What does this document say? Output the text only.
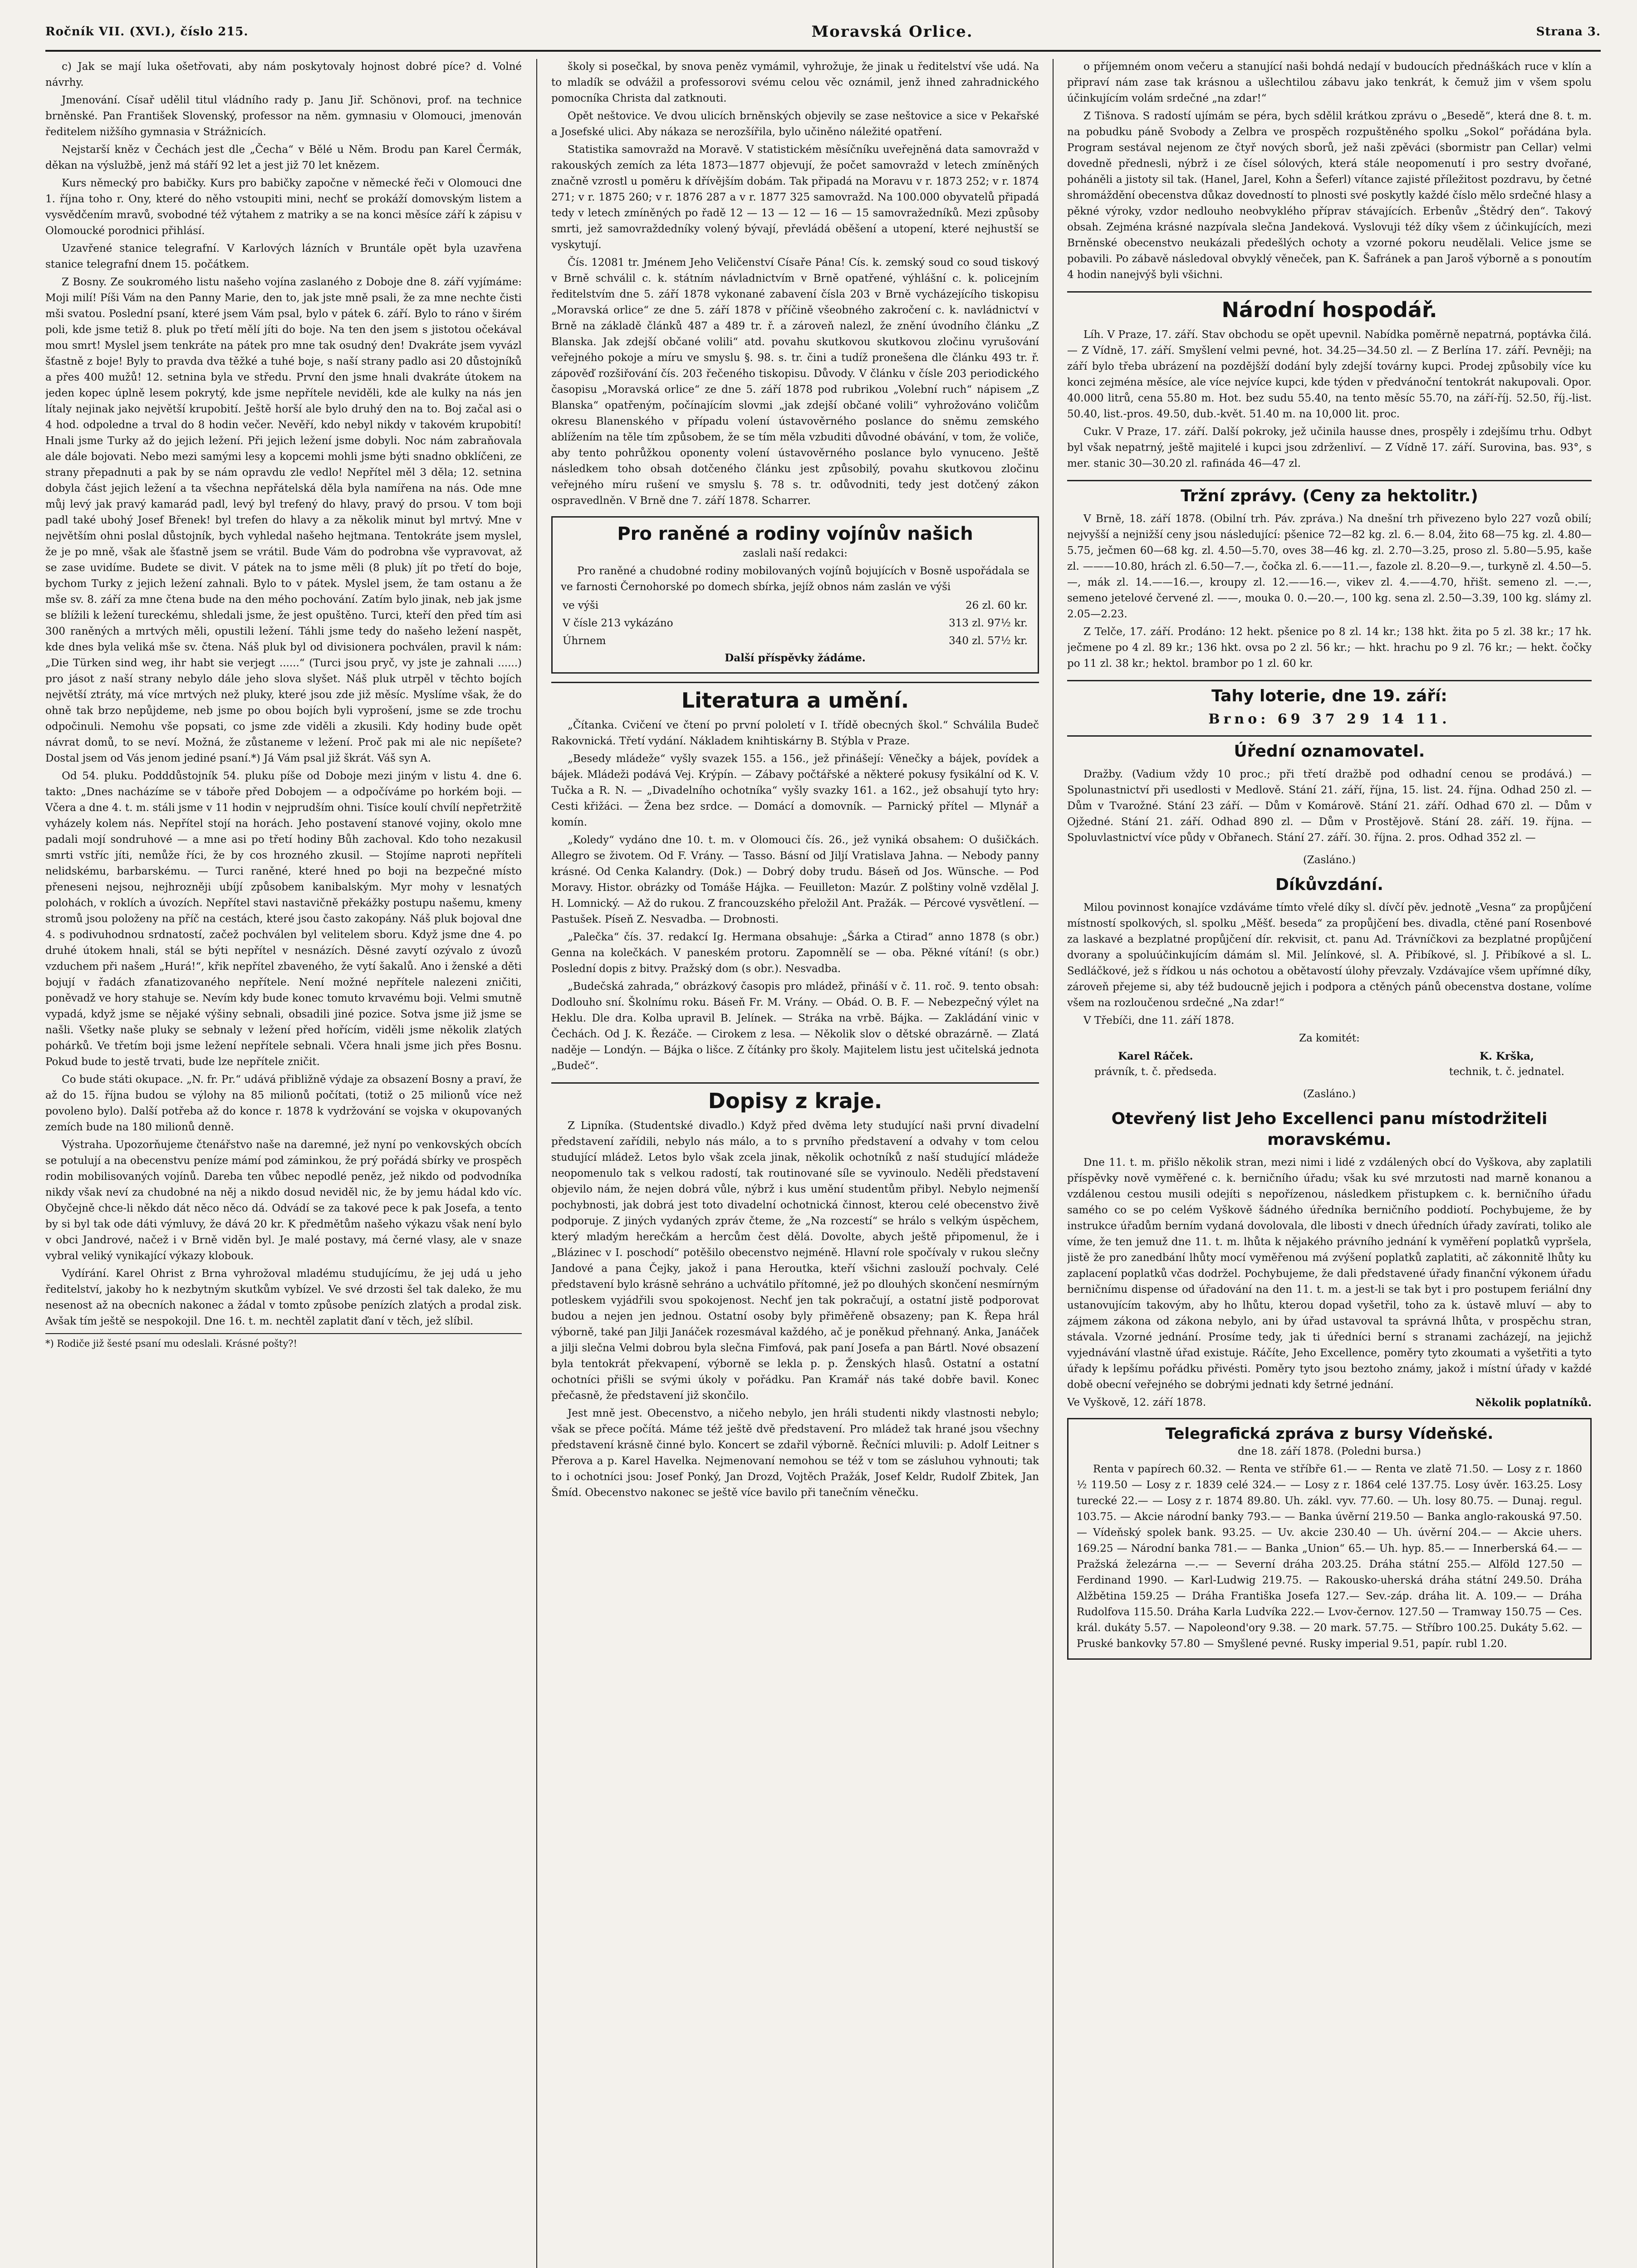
Ročník VII. (XVI.), číslo 215.	Moravská Orlice.	Strana 3.

c) Jak se mají luka ošetřovati, aby nám poskytovaly hojnost dobré píce? d. Volné návrhy.

Jmenování. Císař udělil titul vládního rady p. Janu Jiř. Schönovi, prof. na technice brněnské. Pan František Slovenský, professor na něm. gymnasiu v Olomouci, jmenován ředitelem nižšího gymnasia v Strážnicích.

Nejstarší kněz v Čechách jest dle „Čecha“ v Bělé u Něm. Brodu pan Karel Čermák, děkan na výslužbě, jenž má stáří 92 let a jest již 70 let knězem.

Kurs německý pro babičky. Kurs pro babičky započne v německé řeči v Olomouci dne 1. října toho r. Ony, které do něho vstoupiti mini, nechť se prokáží domovským listem a vysvědčením mravů, svobodné též výtahem z matriky a se na konci měsíce září k zápisu v Olomoucké porodnici přihlásí.

Uzavřené stanice telegrafní. V Karlových lázních v Bruntále opět byla uzavřena stanice telegrafní dnem 15. počátkem.

Z Bosny. Ze soukromého listu našeho vojína zaslaného z Doboje dne 8. září vyjímáme: Moji milí! Píši Vám na den Panny Marie, den to, jak jste mně psali, že za mne nechte čisti mši svatou. Poslední psaní, které jsem Vám psal, bylo v pátek 6. září. Bylo to ráno v širém poli, kde jsme tetiž 8. pluk po třetí mělí jíti do boje. Na ten den jsem s jistotou očekával mou smrt! Myslel jsem tenkráte na pátek pro mne tak osudný den! Dvakráte jsem vyvázl šťastně z boje! Byly to pravda dva těžké a tuhé boje, s naší strany padlo asi 20 důstojníků a přes 400 mužů! 12. setnina byla ve středu. První den jsme hnali dvakráte útokem na jeden kopec úplně lesem pokrytý, kde jsme nepřítele neviděli, kde ale kulky na nás jen lítaly nejinak jako největší krupobití. Ještě horší ale bylo druhý den na to. Boj začal asi o 4 hod. odpoledne a trval do 8 hodin večer. Nevěří, kdo nebyl nikdy v takovém krupobití! Hnali jsme Turky až do jejich ležení. Při jejich ležení jsme dobyli. Noc nám zabraňovala ale dále bojovati. Nebo mezi samými lesy a kopcemi mohli jsme býti snadno obklíčeni, ze strany přepadnuti a pak by se nám opravdu zle vedlo! Nepřítel měl 3 děla; 12. setnina dobyla část jejich ležení a ta všechna nepřátelská děla byla namířena na nás. Ode mne můj levý jak pravý kamarád padl, levý byl trefený do hlavy, pravý do prsou. V tom boji padl také ubohý Josef Břenek! byl trefen do hlavy a za několik minut byl mrtvý. Mne v největším ohni poslal důstojník, bych vyhledal našeho hejtmana. Tentokráte jsem myslel, že je po mně, však ale šťastně jsem se vrátil. Bude Vám do podrobna vše vypravovat, až se zase uvidíme. Budete se divit. V pátek na to jsme měli (8 pluk) jít po třetí do boje, bychom Turky z jejich ležení zahnali. Bylo to v pátek. Myslel jsem, že tam ostanu a že mše sv. 8. září za mne čtena bude na den mého pochování. Zatím bylo jinak, neb jak jsme se blížili k ležení tureckému, shledali jsme, že jest opuštěno. Turci, kteří den před tím asi 300 raněných a mrtvých měli, opustili ležení. Táhli jsme tedy do našeho ležení naspět, kde dnes byla veliká mše sv. čtena. Náš pluk byl od divisionera pochválen, pravil k nám: „Die Türken sind weg, ihr habt sie verjegt ......“ (Turci jsou pryč, vy jste je zahnali ......) pro jásot z naší strany nebylo dále jeho slova slyšet. Náš pluk utrpěl v těchto bojích největší ztráty, má více mrtvých než pluky, které jsou zde již měsíc. Myslíme však, že do ohně tak brzo nepůjdeme, neb jsme po obou bojích byli vyprošení, jsme se zde trochu odpočinuli. Nemohu vše popsati, co jsme zde viděli a zkusili. Kdy hodiny bude opět návrat domů, to se neví. Možná, že zůstaneme v ležení. Proč pak mi ale nic nepíšete? Dostal jsem od Vás jenom jediné psaní.*) Já Vám psal již škrát. Váš syn A.

Od 54. pluku. Podddůstojník 54. pluku píše od Doboje mezi jiným v listu 4. dne 6. takto: „Dnes nacházíme se v táboře před Dobojem — a odpočíváme po horkém boji. — Včera a dne 4. t. m. stáli jsme v 11 hodin v nejprudším ohni. Tisíce koulí chvílí nepřetržitě vyházely kolem nás. Nepřítel stojí na horách. Jeho postavení stanové vojiny, okolo mne padali mojí sondruhové — a mne asi po třetí hodiny Bůh zachoval. Kdo toho nezakusil smrti vstříc jíti, nemůže říci, že by cos hrozného zkusil. — Stojíme naproti nepříteli nelidskému, barbarskému. — Turci raněné, které hned po boji na bezpečné místo přeneseni nejsou, nejhrozněji ubíjí způsobem kanibalským. Myr mohy v lesnatých polohách, v roklích a úvozích. Nepřítel stavi nastavičně překážky postupu našemu, kmeny stromů jsou položeny na příč na cestách, které jsou často zakopány. Náš pluk bojoval dne 4. s podivuhodnou srdnatostí, začež pochválen byl velitelem sboru. Když jsme dne 4. po druhé útokem hnali, stál se býti nepřítel v nesnázích. Děsné zavytí ozývalo z úvozů vzduchem při našem „Hurá!“, křik nepřítel zbaveného, že vytí šakalů. Ano i ženské a děti bojují v řadách zfanatizovaného nepřítele. Není možné nepřítele nalezeni zničiti, poněvadž ve hory stahuje se. Nevím kdy bude konec tomuto krvavému boji. Velmi smutně vypadá, když jsme se nějaké výšiny sebnali, obsadili jiné pozice. Sotva jsme již jsme se našli. Všetky naše pluky se sebnaly v ležení před hořícím, viděli jsme několik zlatých pohárků. Ve třetím boji jsme ležení nepřítele sebnali. Včera hnali jsme jich přes Bosnu. Pokud bude to jestě trvati, bude lze nepřítele zničit.

Co bude státi okupace. „N. fr. Pr.“ udává přibližně výdaje za obsazení Bosny a praví, že až do 15. října budou se výlohy na 85 milionů počítati, (totiž o 25 milionů více než povoleno bylo). Další potřeba až do konce r. 1878 k vydržování se vojska v okupovaných zemích bude na 180 milionů denně.

Výstraha. Upozorňujeme čtenářstvo naše na daremné, jež nyní po venkovských obcích se potulují a na obecenstvu peníze mámí pod záminkou, že prý pořádá sbírky ve prospěch rodin mobilisovaných vojínů. Dareba ten vůbec nepodlé peněz, jež nikdo od podvodníka nikdy však neví za chudobné na něj a nikdo dosud neviděl nic, že by jemu hádal kdo víc. Obyčejně chce-li někdo dát něco něco dá. Odvádí se za takové pece k pak Josefa, a tento by si byl tak ode dáti výmluvy, že dává 20 kr. K předmětům našeho výkazu však není bylo v obci Jandrové, načež i v Brně viděn byl. Je malé postavy, má černé vlasy, ale v snaze vybral veliký vynikající výkazy klobouk.

Vydírání. Karel Ohrist z Brna vyhrožoval mladému studujícímu, že jej udá u jeho ředitelství, jakoby ho k nezbytným skutkům vybízel. Ve své drzosti šel tak daleko, že mu nesenost až na obecních nakonec a žádal v tomto způsobe penízích zlatých a prodal zisk. Avšak tím ještě se nespokojil. Dne 16. t. m. nechtěl zaplatit ďaní v těch, jež slíbil.

*) Rodiče již šesté psaní mu odeslali. Krásné pošty?!

školy si posečkal, by snova peněz vymámil, vyhrožuje, že jinak u ředitelství vše udá. Na to mladík se odvážil a professorovi svému celou věc oznámil, jenž ihned zahradnického pomocníka Christa dal zatknouti.

Opět neštovice. Ve dvou ulicích brněnských objevily se zase neštovice a sice v Pekařské a Josefské ulici. Aby nákaza se nerozšířila, bylo učiněno náležité opatření.

Statistika samovražd na Moravě. V statistickém měsíčníku uveřejněná data samovražd v rakouských zemích za léta 1873—1877 objevují, že počet samovražd v letech zmíněných značně vzrostl u poměru k dřívějším dobám. Tak připadá na Moravu v r. 1873 252; v r. 1874 271; v r. 1875 260; v r. 1876 287 a v r. 1877 325 samovražd. Na 100.000 obyvatelů připadá tedy v letech zmíněných po řadě 12 — 13 — 12 — 16 — 15 samovražedníků. Mezi způsoby smrti, jež samovraždedníky volený bývají, převládá oběšení a utopení, které nejhustší se vyskytují.

Čís. 12081 tr. Jménem Jeho Veličenství Císaře Pána! Cís. k. zemský soud co soud tiskový v Brně schválil c. k. státním návladnictvím v Brně opatřené, výhlášní c. k. policejním ředitelstvím dne 5. září 1878 vykonané zabavení čísla 203 v Brně vycházejícího tiskopisu „Moravská orlice“ ze dne 5. září 1878 v příčině všeobného zakročení c. k. navládnictví v Brně na základě článků 487 a 489 tr. ř. a zároveň nalezl, že znění úvodního článku „Z Blanska. Jak zdejší občané volili“ atd. povahu skutkovou skutkovou zločinu vyrušování veřejného pokoje a míru ve smyslu §. 98. s. tr. čini a tudíž pronešena dle článku 493 tr. ř. zápověď rozšiřování čís. 203 řečeného tiskopisu. Důvody. V článku v čísle 203 periodického časopisu „Moravská orlice“ ze dne 5. září 1878 pod rubrikou „Volební ruch“ nápisem „Z Blanska“ opatřeným, počínajícím slovmi „jak zdejší občané volili“ vyhrožováno voličům okresu Blanenského v případu volení ústavověrného poslance do sněmu zemského ablížením na těle tím způsobem, že se tím měla vzbuditi důvodné obávání, v tom, že voliče, aby tento pohrůžkou oponenty volení ústavověrného poslance bylo vynuceno. Ještě následkem toho obsah dotčeného článku jest způsobilý, povahu skutkovou zločinu veřejného míru rušení ve smyslu §. 78 s. tr. odůvodniti, tedy jest dotčený zákon ospravedlněn. V Brně dne 7. září 1878. Scharrer.

Pro raněné a rodiny vojínův našich

zaslali naší redakci:

Pro raněné a chudobné rodiny mobilovaných vojínů bojujících v Bosně uspořádala se ve farnosti Černohorské po domech sbírka, jejíž obnos nám zaslán ve výši

ve výši	26 zl. 60 kr.
V čísle 213 vykázáno	313 zl. 97½ kr.
Úhrnem	340 zl. 57½ kr.

Další příspěvky žádáme.

Literatura a umění.

„Čítanka. Cvičení ve čtení po první pololetí v I. třídě obecných škol.“ Schválila Budeč Rakovnická. Třetí vydání. Nákladem knihtiskárny B. Stýbla v Praze.

„Besedy mládeže“ vyšly svazek 155. a 156., jež přinášejí: Věnečky a bájek, povídek a bájek. Mládeži podává Vej. Krýpín. — Zábavy počtářské a některé pokusy fysikální od K. V. Tučka a R. N. — „Divadelního ochotníka“ vyšly svazky 161. a 162., jež obsahují tyto hry: Cesti křižáci. — Žena bez srdce. — Domácí a domovník. — Parnický přítel — Mlynář a komín.

„Koledy“ vydáno dne 10. t. m. v Olomouci čís. 26., jež vyniká obsahem: O dušičkách. Allegro se životem. Od F. Vrány. — Tasso. Básní od Jiljí Vratislava Jahna. — Nebody panny krásné. Od Cenka Kalandry. (Dok.) — Dobrý doby trudu. Báseň od Jos. Wünsche. — Pod Moravy. Histor. obrázky od Tomáše Hájka. — Feuilleton: Mazúr. Z polštiny volně vzdělal J. H. Lomnický. — Až do rukou. Z francouzského přeložil Ant. Pražák. — Pércové vysvětlení. — Pastušek. Píseň Z. Nesvadba. — Drobnosti.

„Palečka“ čís. 37. redakcí Ig. Hermana obsahuje: „Šárka a Ctirad“ anno 1878 (s obr.) Genna na kolečkách. V paneském protoru. Zapomnělí se — oba. Pěkné vítání! (s obr.) Poslední dopis z bitvy. Pražský dom (s obr.). Nesvadba.

„Budečská zahrada,“ obrázkový časopis pro mládež, přináší v č. 11. roč. 9. tento obsah: Dodlouho sní. Školnímu roku. Báseň Fr. M. Vrány. — Obád. O. B. F. — Nebezpečný výlet na Heklu. Dle dra. Kolba upravil B. Jelínek. — Stráka na vrbě. Bájka. — Zakládání vinic v Čechách. Od J. K. Řezáče. — Cirokem z lesa. — Několik slov o dětské obrazárně. — Zlatá naděje — Londýn. — Bájka o lišce. Z čítánky pro školy. Majitelem listu jest učitelská jednota „Budeč“.

Dopisy z kraje.

Z Lipníka. (Studentské divadlo.) Když před dvěma lety studující naši první divadelní představení zařídili, nebylo nás málo, a to s prvního představení a odvahy v tom celou studující mládež. Letos bylo však zcela jinak, několik ochotníků z naší studující mládeže neopomenulo tak s velkou radostí, tak routinované síle se vyvinoulo. Neděli představení objevilo nám, že nejen dobrá vůle, nýbrž i kus umění studentům přibyl. Nebylo nejmenší pochybnosti, jak dobrá jest toto divadelní ochotnická činnost, kterou celé obecenstvo živě podporuje. Z jiných vydaných zpráv čteme, že „Na rozcestí“ se hrálo s velkým úspěchem, který mladým herečkám a hercům čest dělá. Dovolte, abych ještě připomenul, že i „Blázinec v I. poschodí“ potěšilo obecenstvo nejméně. Hlavní role spočívaly v rukou slečny Jandové a pana Čejky, jakož i pana Heroutka, kteří všichni zaslouží pochvaly. Celé představení bylo krásně sehráno a uchvátilo přítomné, jež po dlouhých skončení nesmírným potleskem vyjádřili svou spokojenost. Nechť jen tak pokračují, a ostatní jistě podporovat budou a nejen jen jednou. Ostatní osoby byly přiměřeně obsazeny; pan K. Řepa hrál výborně, také pan Jilji Janáček rozesmával každého, ač je poněkud přehnaný. Anka, Janáček a jilji slečna Velmi dobrou byla slečna Fimfová, pak paní Josefa a pan Bártl. Nové obsazení byla tentokrát překvapení, výborně se lekla p. p. Ženských hlasů. Ostatní a ostatní ochotníci přišli se svými úkoly v pořádku. Pan Kramář nás také dobře bavil. Konec přečasně, že představení již skončilo.

Jest mně jest. Obecenstvo, a ničeho nebylo, jen hráli studenti nikdy vlastnosti nebylo; však se přece počítá. Máme též ještě dvě představení. Pro mládež tak hrané jsou všechny představení krásně činné bylo. Koncert se zdařil výborně. Řečníci mluvili: p. Adolf Leitner s Přerova a p. Karel Havelka. Nejmenovaní nemohou se též v tom se zásluhou vyhnouti; tak to i ochotníci jsou: Josef Ponký, Jan Drozd, Vojtěch Pražák, Josef Keldr, Rudolf Zbitek, Jan Šmíd. Obecenstvo nakonec se ještě více bavilo při tanečním věnečku.

o příjemném onom večeru a stanující naši bohdá nedají v budoucích přednáškách ruce v klín a připraví nám zase tak krásnou a ušlechtilou zábavu jako tenkrát, k čemuž jim v všem spolu účinkujícím volám srdečné „na zdar!“

Z Tišnova. S radostí ujímám se péra, bych sdělil krátkou zprávu o „Besedě“, která dne 8. t. m. na pobudku páně Svobody a Zelbra ve prospěch rozpuštěného spolku „Sokol“ pořádána byla. Program sestával nejenom ze čtyř nových sborů, jež naši zpěváci (sbormistr pan Cellar) velmi dovedně přednesli, nýbrž i ze čísel sólových, která stále neopomenutí i pro sestry dvořané, poháněli a jistoty sil tak. (Hanel, Jarel, Kohn a Šeferl) vítance zajisté příležitost pozdravu, by četné shromáždění obecenstva důkaz dovedností to plnosti své poskytly každé číslo mělo srdečné hlasy a pěkné výroky, vzdor nedlouho neobvyklého příprav stávajících. Erbenův „Štědrý den“. Takový obsah. Zejména krásné nazpívala slečna Jandeková. Vyslovuji též díky všem z účinkujících, mezi Brněnské obecenstvo neukázali předešlých ochoty a vzorné pokoru neudělali. Velice jsme se pobavili. Po zábavě následoval obvyklý věneček, pan K. Šafránek a pan Jaroš výborně a s ponoutím 4 hodin nanejvýš byli všichni.

Národní hospodář.

Líh. V Praze, 17. září. Stav obchodu se opět upevnil. Nabídka poměrně nepatrná, poptávka čilá. — Z Vídně, 17. září. Smyšlení velmi pevné, hot. 34.25—34.50 zl. — Z Berlína 17. září. Pevněji; na září bylo třeba ubrázení na pozdějšží dodání byly zdejší továrny kupci. Prodej způsobily více ku konci zejména měsíce, ale více nejvíce kupci, kde týden v předvánoční tentokrát nakupovali. Opor. 40.000 litrů, cena 55.80 m. Hot. bez sudu 55.40, na tento měsíc 55.70, na září-říj. 52.50, říj.-list. 50.40, list.-pros. 49.50, dub.-květ. 51.40 m. na 10,000 lit. proc.

Cukr. V Praze, 17. září. Další pokroky, jež učinila hausse dnes, prospěly i zdejšímu trhu. Odbyt byl však nepatrný, ještě majitelé i kupci jsou zdrženliví. — Z Vídně 17. září. Surovina, bas. 93°, s mer. stanic 30—30.20 zl. rafináda 46—47 zl.

Tržní zprávy. (Ceny za hektolitr.)

V Brně, 18. září 1878. (Obilní trh. Páv. zpráva.) Na dnešní trh přivezeno bylo 227 vozů obilí; nejvyšší a nejnižší ceny jsou následující: pšenice 72—82 kg. zl. 6.— 8.04, žito 68—75 kg. zl. 4.80—5.75, ječmen 60—68 kg. zl. 4.50—5.70, oves 38—46 kg. zl. 2.70—3.25, proso zl. 5.80—5.95, kaše zl. ———10.80, hrách zl. 6.50—7.—, čočka zl. 6.——11.—, fazole zl. 8.20—9.—, turkyně zl. 4.50—5.—, mák zl. 14.——16.—, kroupy zl. 12.——16.—, vikev zl. 4.——4.70, hřišt. semeno zl. —.—, semeno jetelové červené zl. ——, mouka 0. 0.—20.—, 100 kg. sena zl. 2.50—3.39, 100 kg. slámy zl. 2.05—2.23.

Z Telče, 17. září. Prodáno: 12 hekt. pšenice po 8 zl. 14 kr.; 138 hkt. žita po 5 zl. 38 kr.; 17 hk. ječmene po 4 zl. 89 kr.; 136 hkt. ovsa po 2 zl. 56 kr.; — hkt. hrachu po 9 zl. 76 kr.; — hekt. čočky po 11 zl. 38 kr.; hektol. brambor po 1 zl. 60 kr.

Tahy loterie, dne 19. září:
Brno: 69 37 29 14 11.
Úřední oznamovatel.

Dražby. (Vadium vždy 10 proc.; při třetí dražbě pod odhadní cenou se prodává.) — Spolunastnictví při usedlosti v Medlově. Stání 21. září, října, 15. list. 24. října. Odhad 250 zl. — Dům v Tvarožné. Stání 23 září. — Dům v Komárově. Stání 21. září. Odhad 670 zl. — Dům v Ojžedné. Stání 21. září. Odhad 890 zl. — Dům v Prostějově. Stání 28. září. 19. října. — Spoluvlastnictví více půdy v Obřanech. Stání 27. září. 30. října. 2. pros. Odhad 352 zl. —

(Zasláno.)

Díkůvzdání.

Milou povinnost konajíce vzdáváme tímto vřelé díky sl. dívčí pěv. jednotě „Vesna“ za propůjčení místností spolkových, sl. spolku „Měšť. beseda“ za propůjčení bes. divadla, ctěné paní Rosenbové za laskavé a bezplatné propůjčení dír. rekvisit, ct. panu Ad. Trávníčkovi za bezplatné propůjčení dvorany a spoluúčinkujícím dámám sl. Mil. Jelínkové, sl. A. Přibíkové, sl. J. Přibíkové a sl. L. Sedláčkové, jež s řídkou u nás ochotou a obětavostí úlohy převzaly. Vzdávajíce všem upřímné díky, zároveň přejeme si, aby též budoucně jejich i podpora a ctěných pánů obecenstva dostane, volíme všem na rozloučenou srdečné „Na zdar!“

V Třebíči, dne 11. září 1878.

Za komitét:

Karel Ráček.
právník, t. č. předseda.
K. Krška,
technik, t. č. jednatel.

(Zasláno.)

Otevřený list Jeho Excellenci panu místodržiteli moravskému.

Dne 11. t. m. přišlo několik stran, mezi nimi i lidé z vzdálených obcí do Vyškova, aby zaplatili příspěvky nově vyměřené c. k. berničního úřadu; však ku své mrzutosti nad marně konanou a vzdálenou cestou musili odejíti s nepořízenou, následkem přistupkem c. k. berničního úřadu samého co se po celém Vyškově šádného úředníka berničního poddiotí. Pochybujeme, že by instrukce úřadům berním vydaná dovolovala, dle libosti v dnech úředních úřady zavírati, toliko ale víme, že ten jemuž dne 11. t. m. lhůta k nějakého právního jednání k vyměření poplatků vypršela, jistě že pro zanedbání lhůty mocí vyměřenou má zvýšení poplatků zaplatiti, ač zákonnitě lhůty ku zaplacení poplatků včas dodržel. Pochybujeme, že dali představené úřady finanční výkonem úřadu berničnímu dispense od úřadování na den 11. t. m. a jest-li se tak byt i pro postupem feriální dny ustanovujícím takovým, aby ho lhůtu, kterou dopad vyšetřil, toho za k. ústavě mluví — aby to zájmem zákona od zákona nebylo, ani by úřad ustavoval ta správná lhůta, v prospěchu stran, stávala. Vzorné jednání. Prosíme tedy, jak ti úředníci berní s stranami zacházejí, na jejichž vyjednávání vlastně úřad existuje. Ráčíte, Jeho Excellence, poměry tyto zkoumati a vyšetřiti a tyto úřady k lepšímu pořádku přivésti. Poměry tyto jsou beztoho známy, jakož i místní úřady v každé době obecní veřejného se dobrými jednati kdy šetrné jednání.

Ve Vyškově, 12. září 1878.	Několik poplatníků.
Telegrafická zpráva z bursy Vídeňské.

dne 18. září 1878. (Poledni bursa.)

Renta v papírech 60.32. — Renta ve stříbře 61.— — Renta ve zlatě 71.50. — Losy z r. 1860 ½ 119.50 — Losy z r. 1839 celé 324.— — Losy z r. 1864 celé 137.75. Losy úvěr. 163.25. Losy turecké 22.— — Losy z r. 1874 89.80. Uh. zákl. vyv. 77.60. — Uh. losy 80.75. — Dunaj. regul. 103.75. — Akcie národní banky 793.— — Banka úvěrní 219.50 — Banka anglo-rakouská 97.50. — Vídeňský spolek bank. 93.25. — Uv. akcie 230.40 — Uh. úvěrní 204.— — Akcie uhers. 169.25 — Národní banka 781.— — Banka „Union“ 65.— Uh. hyp. 85.— — Innerberská 64.— — Pražská železárna —.— — Severní dráha 203.25. Dráha státní 255.— Alföld 127.50 — Ferdinand 1990. — Karl-Ludwig 219.75. — Rakousko-uherská dráha státní 249.50. Dráha Alžbětina 159.25 — Dráha Františka Josefa 127.— Sev.-záp. dráha lit. A. 109.— — Dráha Rudolfova 115.50. Dráha Karla Ludvíka 222.— Lvov-černov. 127.50 — Tramway 150.75 — Ces. král. dukáty 5.57. — Napoleond'ory 9.38. — 20 mark. 57.75. — Stříbro 100.25. Dukáty 5.62. — Pruské bankovky 57.80 — Smyšlené pevné. Rusky imperial 9.51, papír. rubl 1.20.
